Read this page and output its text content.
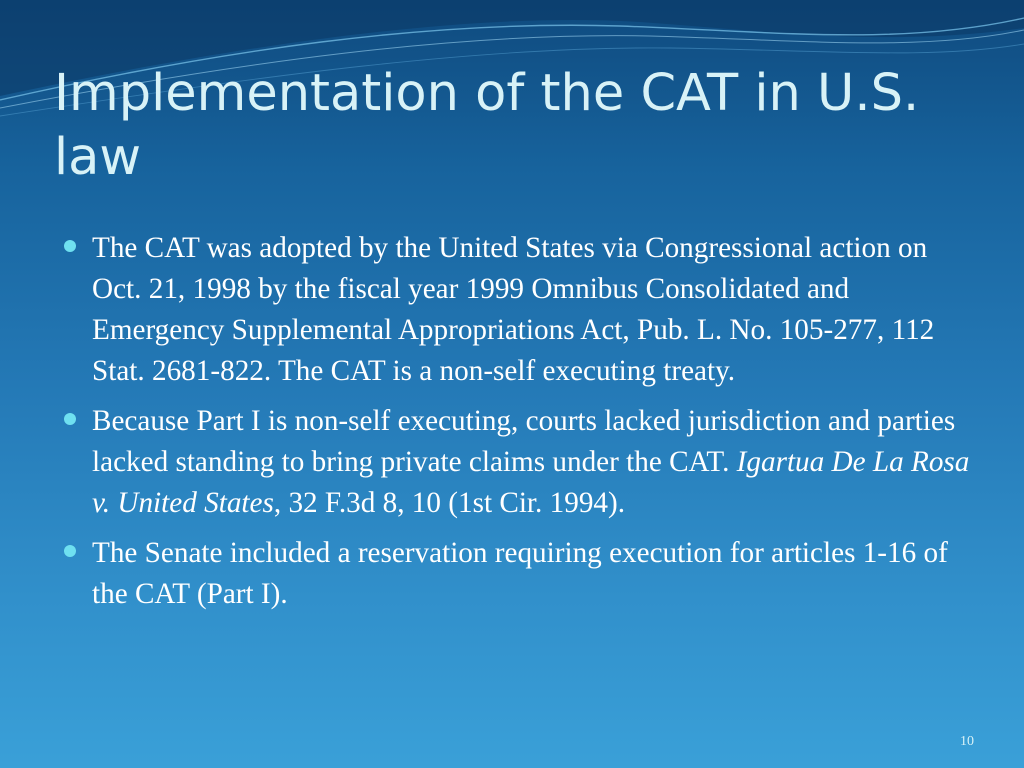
Implementation of the CAT in U.S. law
The CAT was adopted by the United States via Congressional action on Oct. 21, 1998 by the fiscal year 1999 Omnibus Consolidated and Emergency Supplemental Appropriations Act, Pub. L. No. 105-277, 112 Stat. 2681-822. The CAT is a non-self executing treaty.
Because Part I is non-self executing, courts lacked jurisdiction and parties lacked standing to bring private claims under the CAT. Igartua De La Rosa v. United States, 32 F.3d 8, 10 (1st Cir. 1994).
The Senate included a reservation requiring execution for articles 1-16 of the CAT (Part I).
10
